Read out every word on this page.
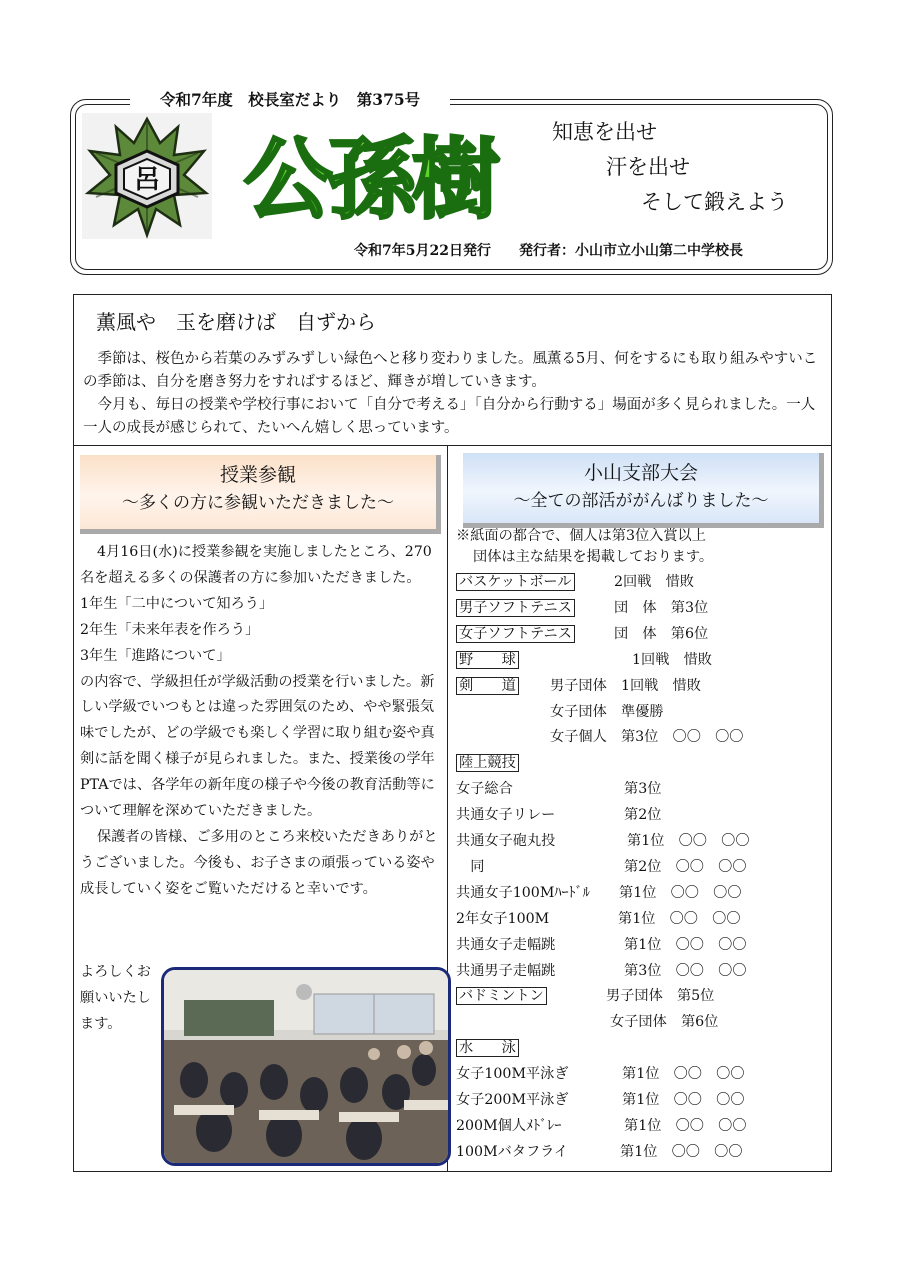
令和7年度　校長室だより　第375号
呂 公孫樹	知恵を出せ
汗を出せ
そして鍛えよう
令和7年5月22日発行　　発行者：小山市立小山第二中学校長
薫風や　玉を磨けば　自ずから

季節は、桜色から若葉のみずみずしい緑色へと移り変わりました。風薫る5月、何をするにも取り組みやすいこの季節は、自分を磨き努力をすればするほど、輝きが増していきます。

今月も、毎日の授業や学校行事において「自分で考える」「自分から行動する」場面が多く見られました。一人一人の成長が感じられて、たいへん嬉しく思っています。

授業参観
～多くの方に参観いただきました～

4月16日(水)に授業参観を実施しましたところ、270名を超える多くの保護者の方に参加いただきました。

1年生「二中について知ろう」

2年生「未来年表を作ろう」

3年生「進路について」

の内容で、学級担任が学級活動の授業を行いました。新しい学級でいつもとは違った雰囲気のため、やや緊張気味でしたが、どの学級でも楽しく学習に取り組む姿や真剣に話を聞く様子が見られました。また、授業後の学年PTAでは、各学年の新年度の様子や今後の教育活動等について理解を深めていただきました。

保護者の皆様、ご多用のところ来校いただきありがとうございました。今後も、お子さまの頑張っている姿や成長していく姿をご覧いただけると幸いです。

よろしくお願いいたします。
小山支部大会
～全ての部活ががんばりました～
※紙面の都合で、個人は第3位入賞以上
団体は主な結果を掲載しております。
バスケットボール	2回戦　惜敗
男子ソフトテニス	団　体　第3位
女子ソフトテニス	団　体　第6位
野　　球	1回戦　惜敗
剣　　道 男子団体　1回戦　惜敗
女子団体　準優勝
女子個人　第3位　〇〇　〇〇
陸上競技
女子総合	第3位
共通女子リレー	第2位
共通女子砲丸投	第1位　〇〇　〇〇
　同	第2位　〇〇　〇〇
共通女子100Mﾊｰﾄﾞﾙ 第1位　〇〇　〇〇
2年女子100M	第1位　〇〇　〇〇
共通女子走幅跳	第1位　〇〇　〇〇
共通男子走幅跳	第3位　〇〇　〇〇
バドミントン	男子団体　第5位
女子団体　第6位
水　　泳
女子100M平泳ぎ	第1位　〇〇　〇〇
女子200M平泳ぎ	第1位　〇〇　〇〇
200M個人ﾒﾄﾞﾚｰ	第1位　〇〇　〇〇
100Mバタフライ	第1位　〇〇　〇〇
